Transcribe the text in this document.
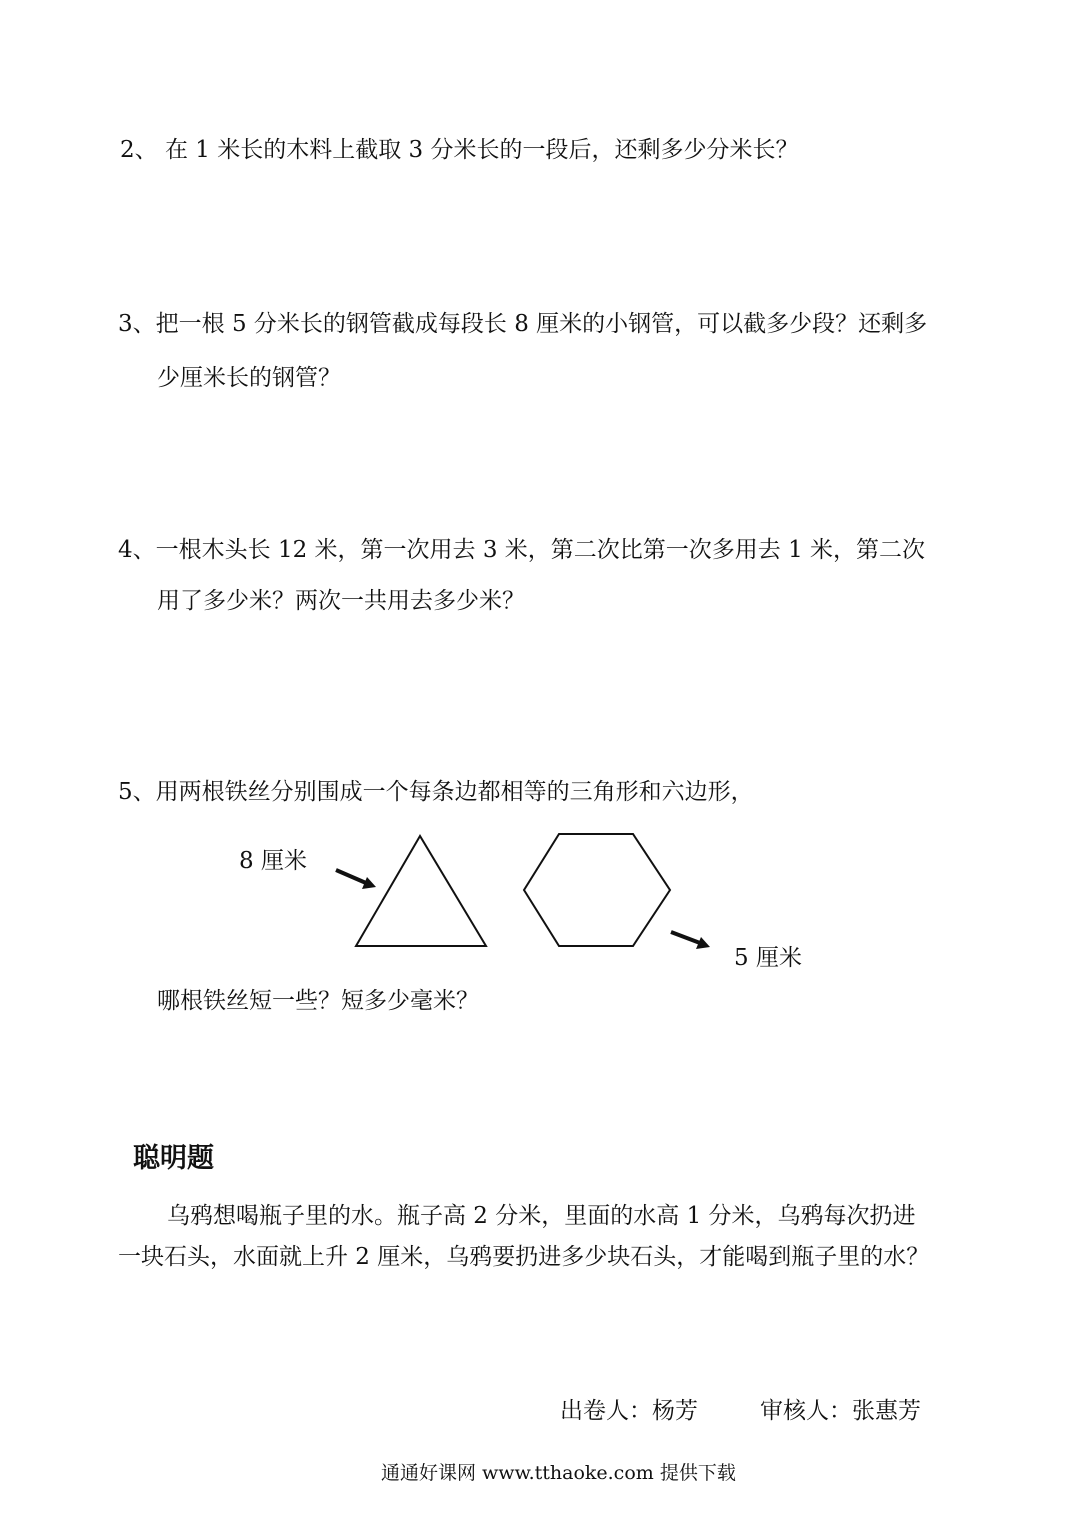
2、 在 1 米长的木料上截取 3 分米长的一段后，还剩多少分米长？
3、把一根 5 分米长的钢管截成每段长 8 厘米的小钢管，可以截多少段？还剩多
少厘米长的钢管？
4、一根木头长 12 米，第一次用去 3 米，第二次比第一次多用去 1 米，第二次
用了多少米？两次一共用去多少米？
5、用两根铁丝分别围成一个每条边都相等的三角形和六边形，
8 厘米
5 厘米
哪根铁丝短一些？短多少毫米？
聪明题
乌鸦想喝瓶子里的水。瓶子高 2 分米，里面的水高 1 分米，乌鸦每次扔进
一块石头，水面就上升 2 厘米，乌鸦要扔进多少块石头，才能喝到瓶子里的水？
出卷人：杨芳	审核人：张惠芳
通通好课网 www.tthaoke.com 提供下载
